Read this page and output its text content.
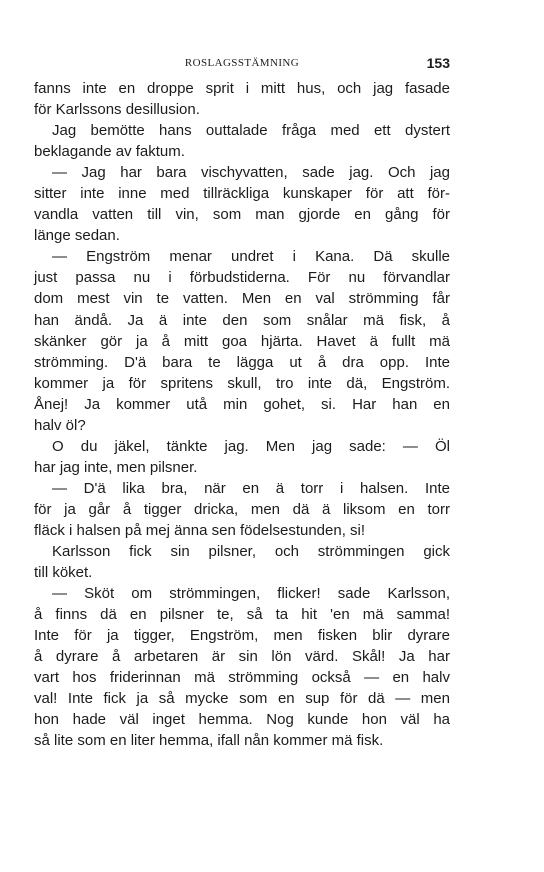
ROSLAGSSTÄMNING	153
fanns inte en droppe sprit i mitt hus, och jag fasade
för Karlssons desillusion.
Jag bemötte hans outtalade fråga med ett dystert
beklagande av faktum.
— Jag har bara vischyvatten, sade jag. Och jag
sitter inte inne med tillräckliga kunskaper för att för-
vandla vatten till vin, som man gjorde en gång för
länge sedan.
— Engström menar undret i Kana. Dä skulle
just passa nu i förbudstiderna. För nu förvandlar
dom mest vin te vatten. Men en val strömming får
han ändå. Ja ä inte den som snålar mä fisk, å
skänker gör ja å mitt goa hjärta. Havet ä fullt mä
strömming. D'ä bara te lägga ut å dra opp. Inte
kommer ja för spritens skull, tro inte dä, Engström.
Ånej! Ja kommer utå min gohet, si. Har han en
halv öl?
O du jäkel, tänkte jag. Men jag sade: — Öl
har jag inte, men pilsner.
— D'ä lika bra, när en ä torr i halsen. Inte
för ja går å tigger dricka, men dä ä liksom en torr
fläck i halsen på mej änna sen födelsestunden, si!
Karlsson fick sin pilsner, och strömmingen gick
till köket.
— Sköt om strömmingen, flicker! sade Karlsson,
å finns dä en pilsner te, så ta hit 'en mä samma!
Inte för ja tigger, Engström, men fisken blir dyrare
å dyrare å arbetaren är sin lön värd. Skål! Ja har
vart hos friderinnan mä strömming också — en halv
val! Inte fick ja så mycke som en sup för dä — men
hon hade väl inget hemma. Nog kunde hon väl ha
så lite som en liter hemma, ifall nån kommer mä fisk.
